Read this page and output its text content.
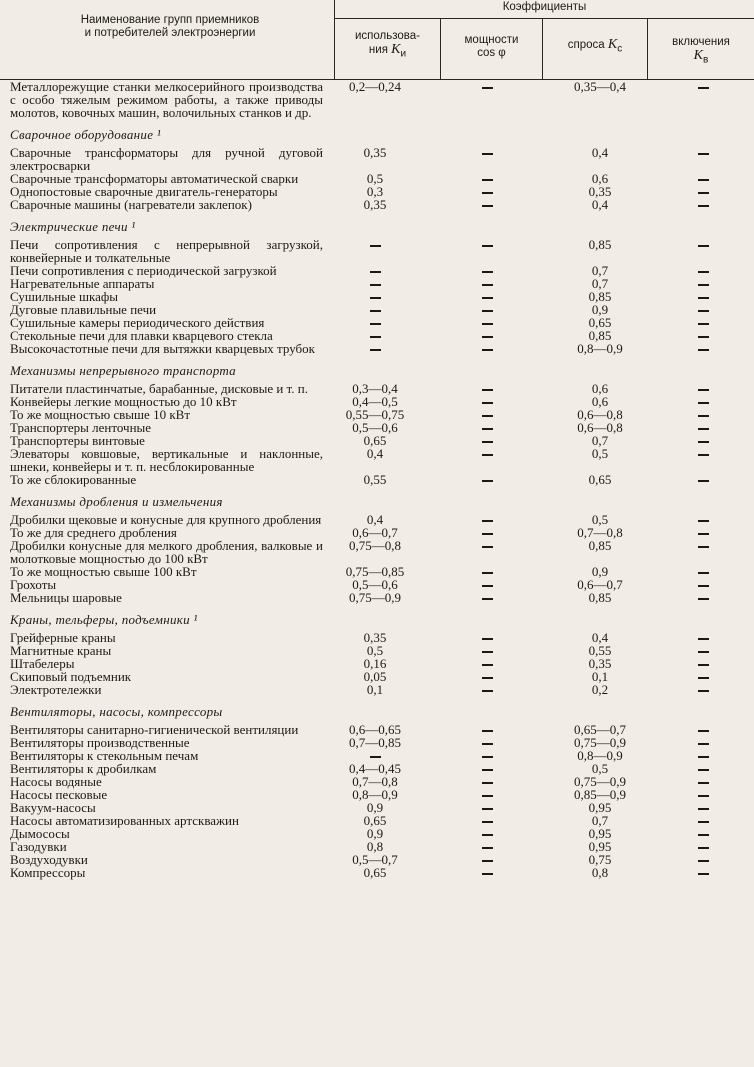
Наименование групп приемников
и потребителей электроэнергии
Коэффициенты
использова-
ния $K_и$
мощности
cos φ
спроса $K_с$
включения
$K_в$
Металлорежущие станки мелкосерийного производства с особо тяжелым режимом работы, а также приводы молотов, ковочных машин, волочильных станков и др.	0,2—0,24		0,35—0,4	
Сварочное оборудование ¹				
Сварочные трансформаторы для ручной дуговой электросварки	0,35		0,4	
Сварочные трансформаторы автоматической сварки	0,5		0,6	
Однопостовые сварочные двигатель-генераторы	0,3		0,35	
Сварочные машины (нагреватели заклепок)	0,35		0,4	
Электрические печи ¹				
Печи сопротивления с непрерывной загрузкой, конвейерные и толкательные			0,85	
Печи сопротивления с периодической загрузкой			0,7	
Нагревательные аппараты			0,7	
Сушильные шкафы			0,85	
Дуговые плавильные печи			0,9	
Сушильные камеры периодического действия			0,65	
Стекольные печи для плавки кварцевого стекла			0,85	
Высокочастотные печи для вытяжки кварцевых трубок			0,8—0,9	
Механизмы непрерывного транспорта				
Питатели пластинчатые, барабанные, дисковые и т. п.	0,3—0,4		0,6	
Конвейеры легкие мощностью до 10 кВт	0,4—0,5		0,6	
То же мощностью свыше 10 кВт	0,55—0,75		0,6—0,8	
Транспортеры ленточные	0,5—0,6		0,6—0,8	
Транспортеры винтовые	0,65		0,7	
Элеваторы ковшовые, вертикальные и наклонные, шнеки, конвейеры и т. п. несблокированные	0,4		0,5	
То же сблокированные	0,55		0,65	
Механизмы дробления и измельчения				
Дробилки щековые и конусные для крупного дробления	0,4		0,5	
То же для среднего дробления	0,6—0,7		0,7—0,8	
Дробилки конусные для мелкого дробления, валковые и молотковые мощностью до 100 кВт	0,75—0,8		0,85	
То же мощностью свыше 100 кВт	0,75—0,85		0,9	
Грохоты	0,5—0,6		0,6—0,7	
Мельницы шаровые	0,75—0,9		0,85	
Краны, тельферы, подъемники ¹				
Грейферные краны	0,35		0,4	
Магнитные краны	0,5		0,55	
Штабелеры	0,16		0,35	
Скиповый подъемник	0,05		0,1	
Электротележки	0,1		0,2	
Вентиляторы, насосы, компрессоры				
Вентиляторы санитарно-гигиенической вентиляции	0,6—0,65		0,65—0,7	
Вентиляторы производственные	0,7—0,85		0,75—0,9	
Вентиляторы к стекольным печам			0,8—0,9	
Вентиляторы к дробилкам	0,4—0,45		0,5	
Насосы водяные	0,7—0,8		0,75—0,9	
Насосы песковые	0,8—0,9		0,85—0,9	
Вакуум-насосы	0,9		0,95	
Насосы автоматизированных артскважин	0,65		0,7	
Дымососы	0,9		0,95	
Газодувки	0,8		0,95	
Воздуходувки	0,5—0,7		0,75	
Компрессоры	0,65		0,8	
